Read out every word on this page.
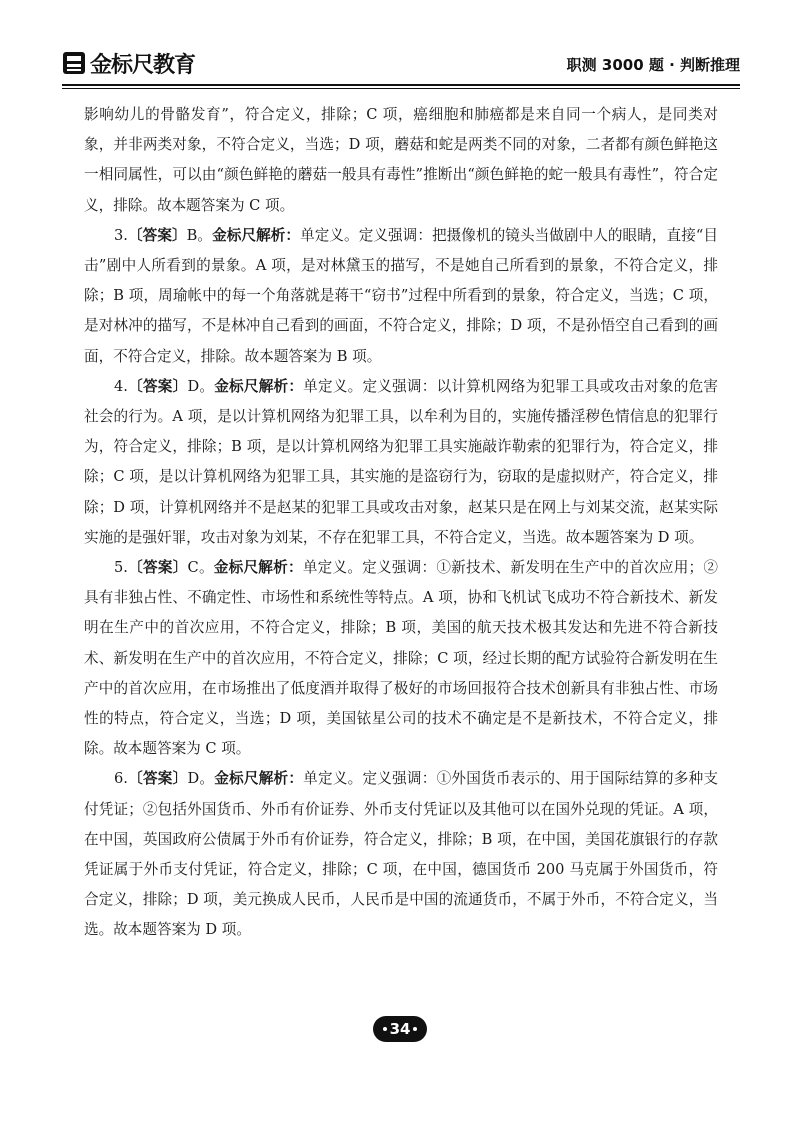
金标尺教育	职测 3000 题 · 判断推理

影响幼儿的骨骼发育”，符合定义，排除；C 项，癌细胞和肺癌都是来自同一个病人，是同类对象，并非两类对象，不符合定义，当选；D 项，蘑菇和蛇是两类不同的对象，二者都有颜色鲜艳这一相同属性，可以由“颜色鲜艳的蘑菇一般具有毒性”推断出“颜色鲜艳的蛇一般具有毒性”，符合定义，排除。故本题答案为 C 项。

3.〔答案〕B。金标尺解析：单定义。定义强调：把摄像机的镜头当做剧中人的眼睛，直接“目击”剧中人所看到的景象。A 项，是对林黛玉的描写，不是她自己所看到的景象，不符合定义，排除；B 项，周瑜帐中的每一个角落就是蒋干“窃书”过程中所看到的景象，符合定义，当选；C 项，是对林冲的描写，不是林冲自己看到的画面，不符合定义，排除；D 项，不是孙悟空自己看到的画面，不符合定义，排除。故本题答案为 B 项。

4.〔答案〕D。金标尺解析：单定义。定义强调：以计算机网络为犯罪工具或攻击对象的危害社会的行为。A 项，是以计算机网络为犯罪工具，以牟利为目的，实施传播淫秽色情信息的犯罪行为，符合定义，排除；B 项，是以计算机网络为犯罪工具实施敲诈勒索的犯罪行为，符合定义，排除；C 项，是以计算机网络为犯罪工具，其实施的是盗窃行为，窃取的是虚拟财产，符合定义，排除；D 项，计算机网络并不是赵某的犯罪工具或攻击对象，赵某只是在网上与刘某交流，赵某实际实施的是强奸罪，攻击对象为刘某，不存在犯罪工具，不符合定义，当选。故本题答案为 D 项。

5.〔答案〕C。金标尺解析：单定义。定义强调：①新技术、新发明在生产中的首次应用；②具有非独占性、不确定性、市场性和系统性等特点。A 项，协和飞机试飞成功不符合新技术、新发明在生产中的首次应用，不符合定义，排除；B 项，美国的航天技术极其发达和先进不符合新技术、新发明在生产中的首次应用，不符合定义，排除；C 项，经过长期的配方试验符合新发明在生产中的首次应用，在市场推出了低度酒并取得了极好的市场回报符合技术创新具有非独占性、市场性的特点，符合定义，当选；D 项，美国铱星公司的技术不确定是不是新技术，不符合定义，排除。故本题答案为 C 项。

6.〔答案〕D。金标尺解析：单定义。定义强调：①外国货币表示的、用于国际结算的多种支付凭证；②包括外国货币、外币有价证券、外币支付凭证以及其他可以在国外兑现的凭证。A 项，在中国，英国政府公债属于外币有价证券，符合定义，排除；B 项，在中国，美国花旗银行的存款凭证属于外币支付凭证，符合定义，排除；C 项，在中国，德国货币 200 马克属于外国货币，符合定义，排除；D 项，美元换成人民币，人民币是中国的流通货币，不属于外币，不符合定义，当选。故本题答案为 D 项。

34
